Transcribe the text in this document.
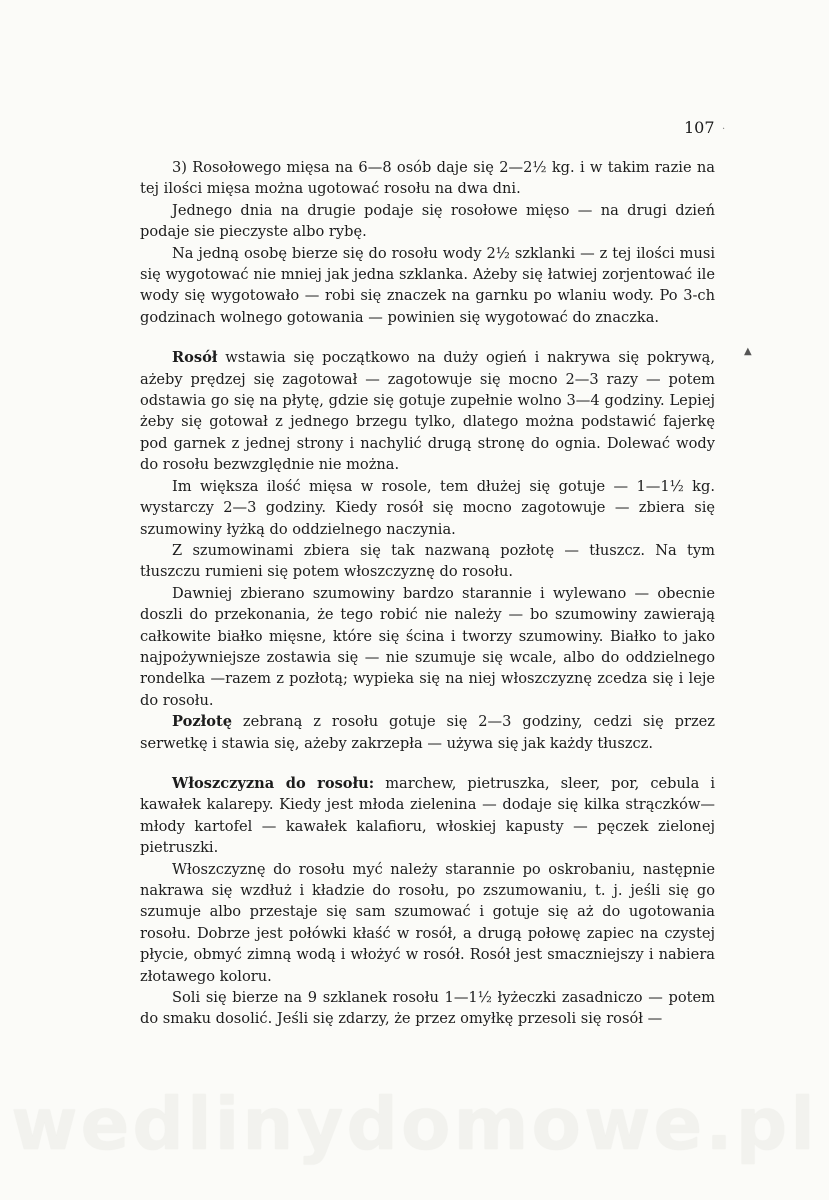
107 ·
▲

3) Rosołowego mięsa na 6—8 osób daje się 2—2½ kg. i w takim razie na tej ilości mięsa można ugotować rosołu na dwa dni.

Jednego dnia na drugie podaje się rosołowe mięso — na drugi dzień podaje sie pieczyste albo rybę.

Na jedną osobę bierze się do rosołu wody 2½ szklanki — z tej ilości musi się wygotować nie mniej jak jedna szklanka. Ażeby się łatwiej zorjentować ile wody się wygotowało — robi się znaczek na garnku po wlaniu wody. Po 3-ch godzinach wolnego gotowania — powinien się wygotować do znaczka.

Rosół wstawia się początkowo na duży ogień i nakrywa się pokrywą, ażeby prędzej się zagotował — zagotowuje się mocno 2—3 razy — potem odstawia go się na płytę, gdzie się gotuje zupełnie wolno 3—4 godziny. Lepiej żeby się gotował z jednego brzegu tylko, dlatego można podstawić fajerkę pod garnek z jednej strony i nachylić drugą stronę do ognia. Dolewać wody do rosołu bezwzględnie nie można.

Im większa ilość mięsa w rosole, tem dłużej się gotuje — 1—1½ kg. wystarczy 2—3 godziny. Kiedy rosół się mocno zagotowuje — zbiera się szumowiny łyżką do oddzielnego naczynia.

Z szumowinami zbiera się tak nazwaną pozłotę — tłuszcz. Na tym tłuszczu rumieni się potem włoszczyznę do rosołu.

Dawniej zbierano szumowiny bardzo starannie i wylewano — obecnie doszli do przekonania, że tego robić nie należy — bo szumowiny zawierają całkowite białko mięsne, które się ścina i tworzy szumowiny. Białko to jako najpożywniejsze zostawia się — nie szumuje się wcale, albo do oddzielnego rondelka —razem z pozłotą; wypieka się na niej włoszczyznę zcedza się i leje do rosołu.

Pozłotę zebraną z rosołu gotuje się 2—3 godziny, cedzi się przez serwetkę i stawia się, ażeby zakrzepła — używa się jak każdy tłuszcz.

Włoszczyzna do rosołu: marchew, pietruszka, sleer, por, cebula i kawałek kalarepy. Kiedy jest młoda zielenina — dodaje się kilka strączków— młody kartofel — kawałek kalafioru, włoskiej kapusty — pęczek zielonej pietruszki.

Włoszczyznę do rosołu myć należy starannie po oskrobaniu, następnie nakrawa się wzdłuż i kładzie do rosołu, po zszumowaniu, t. j. jeśli się go szumuje albo przestaje się sam szumować i gotuje się aż do ugotowania rosołu. Dobrze jest połówki kłaść w rosół, a drugą połowę zapiec na czystej płycie, obmyć zimną wodą i włożyć w rosół. Rosół jest smaczniejszy i nabiera złotawego koloru.

Soli się bierze na 9 szklanek rosołu 1—1½ łyżeczki zasadniczo — potem do smaku dosolić. Jeśli się zdarzy, że przez omyłkę przesoli się rosół —

wedlinydomowe.pl
